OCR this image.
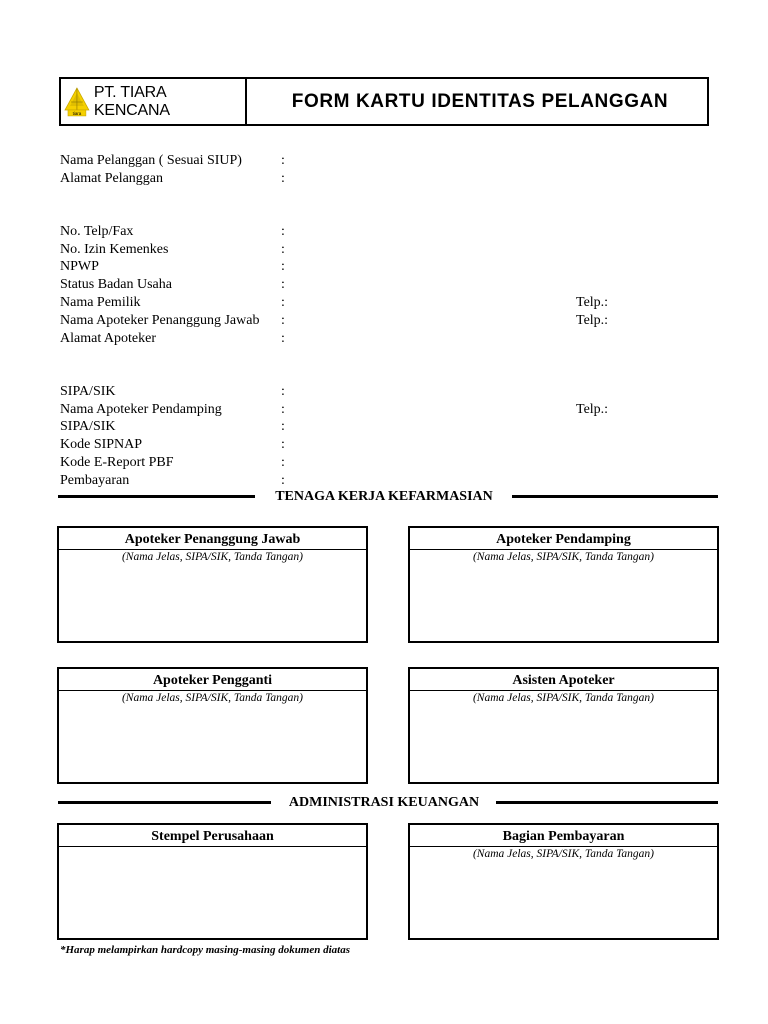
tiara
PT. TIARA KENCANA	FORM KARTU IDENTITAS PELANGGAN
Nama Pelanggan ( Sesuai SIUP)	:
Alamat Pelanggan	:
No. Telp/Fax	:
No. Izin Kemenkes	:
NPWP	:
Status Badan Usaha	:
Nama Pemilik	:	Telp.:
Nama Apoteker Penanggung Jawab :	Telp.:
Alamat Apoteker	:
SIPA/SIK	:
Nama Apoteker Pendamping	:	Telp.:
SIPA/SIK	:
Kode SIPNAP	:
Kode E-Report PBF	:
Pembayaran	:
TENAGA KERJA KEFARMASIAN
Apoteker Penanggung Jawab
(Nama Jelas, SIPA/SIK, Tanda Tangan)
Apoteker Pendamping
(Nama Jelas, SIPA/SIK, Tanda Tangan)
Apoteker Pengganti
(Nama Jelas, SIPA/SIK, Tanda Tangan)
Asisten Apoteker
(Nama Jelas, SIPA/SIK, Tanda Tangan)
ADMINISTRASI KEUANGAN
Stempel Perusahaan	Bagian Pembayaran
(Nama Jelas, SIPA/SIK, Tanda Tangan)
*Harap melampirkan hardcopy masing-masing dokumen diatas
